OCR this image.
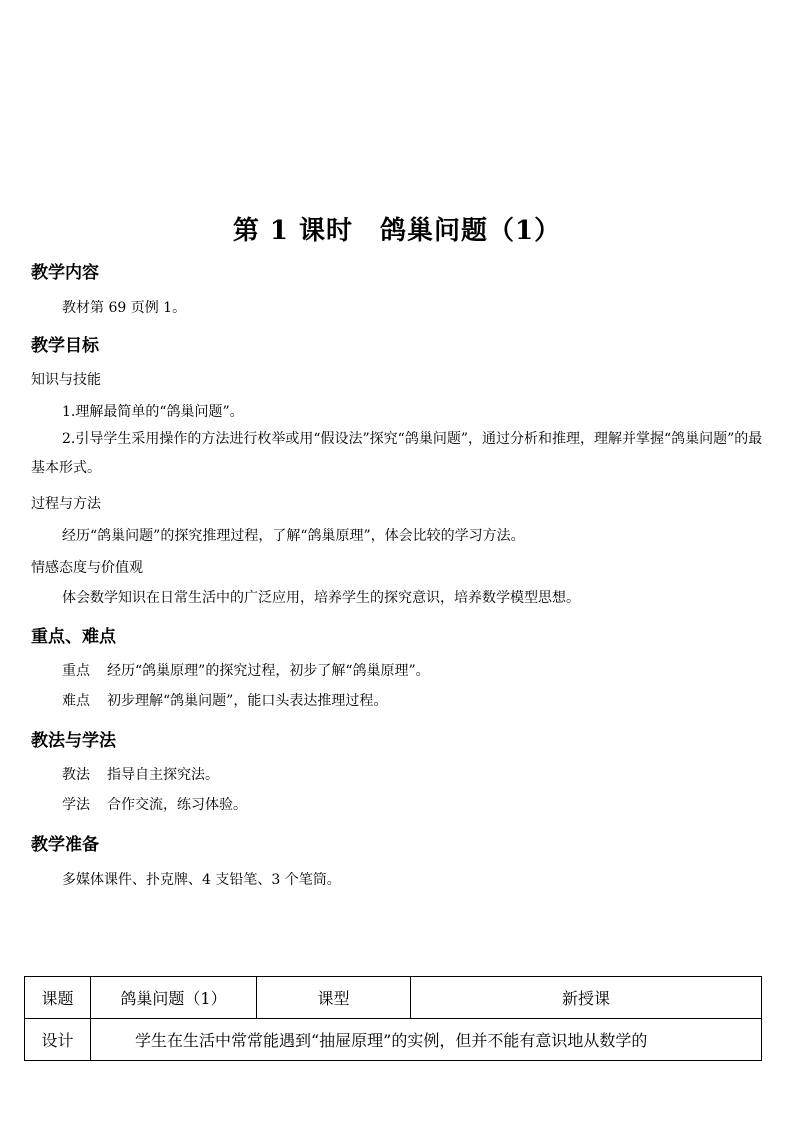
第 1 课时　鸽巢问题（1）
教学内容
教材第 69 页例 1。
教学目标
知识与技能
1.理解最简单的“鸽巢问题”。
2.引导学生采用操作的方法进行枚举或用“假设法”探究“鸽巢问题”，通过分析和推理，理解并掌握“鸽巢问题”的最基本形式。
过程与方法
经历“鸽巢问题”的探究推理过程，了解“鸽巢原理”，体会比较的学习方法。
情感态度与价值观
体会数学知识在日常生活中的广泛应用，培养学生的探究意识，培养数学模型思想。
重点、难点
重点 经历“鸽巢原理”的探究过程，初步了解“鸽巢原理”。
难点 初步理解“鸽巢问题”，能口头表达推理过程。
教法与学法
教法 指导自主探究法。
学法 合作交流，练习体验。
教学准备
多媒体课件、扑克牌、4 支铅笔、3 个笔筒。
课题	鸽巢问题（1）	课型	新授课
设计	学生在生活中常常能遇到“抽屉原理”的实例，但并不能有意识地从数学的		
